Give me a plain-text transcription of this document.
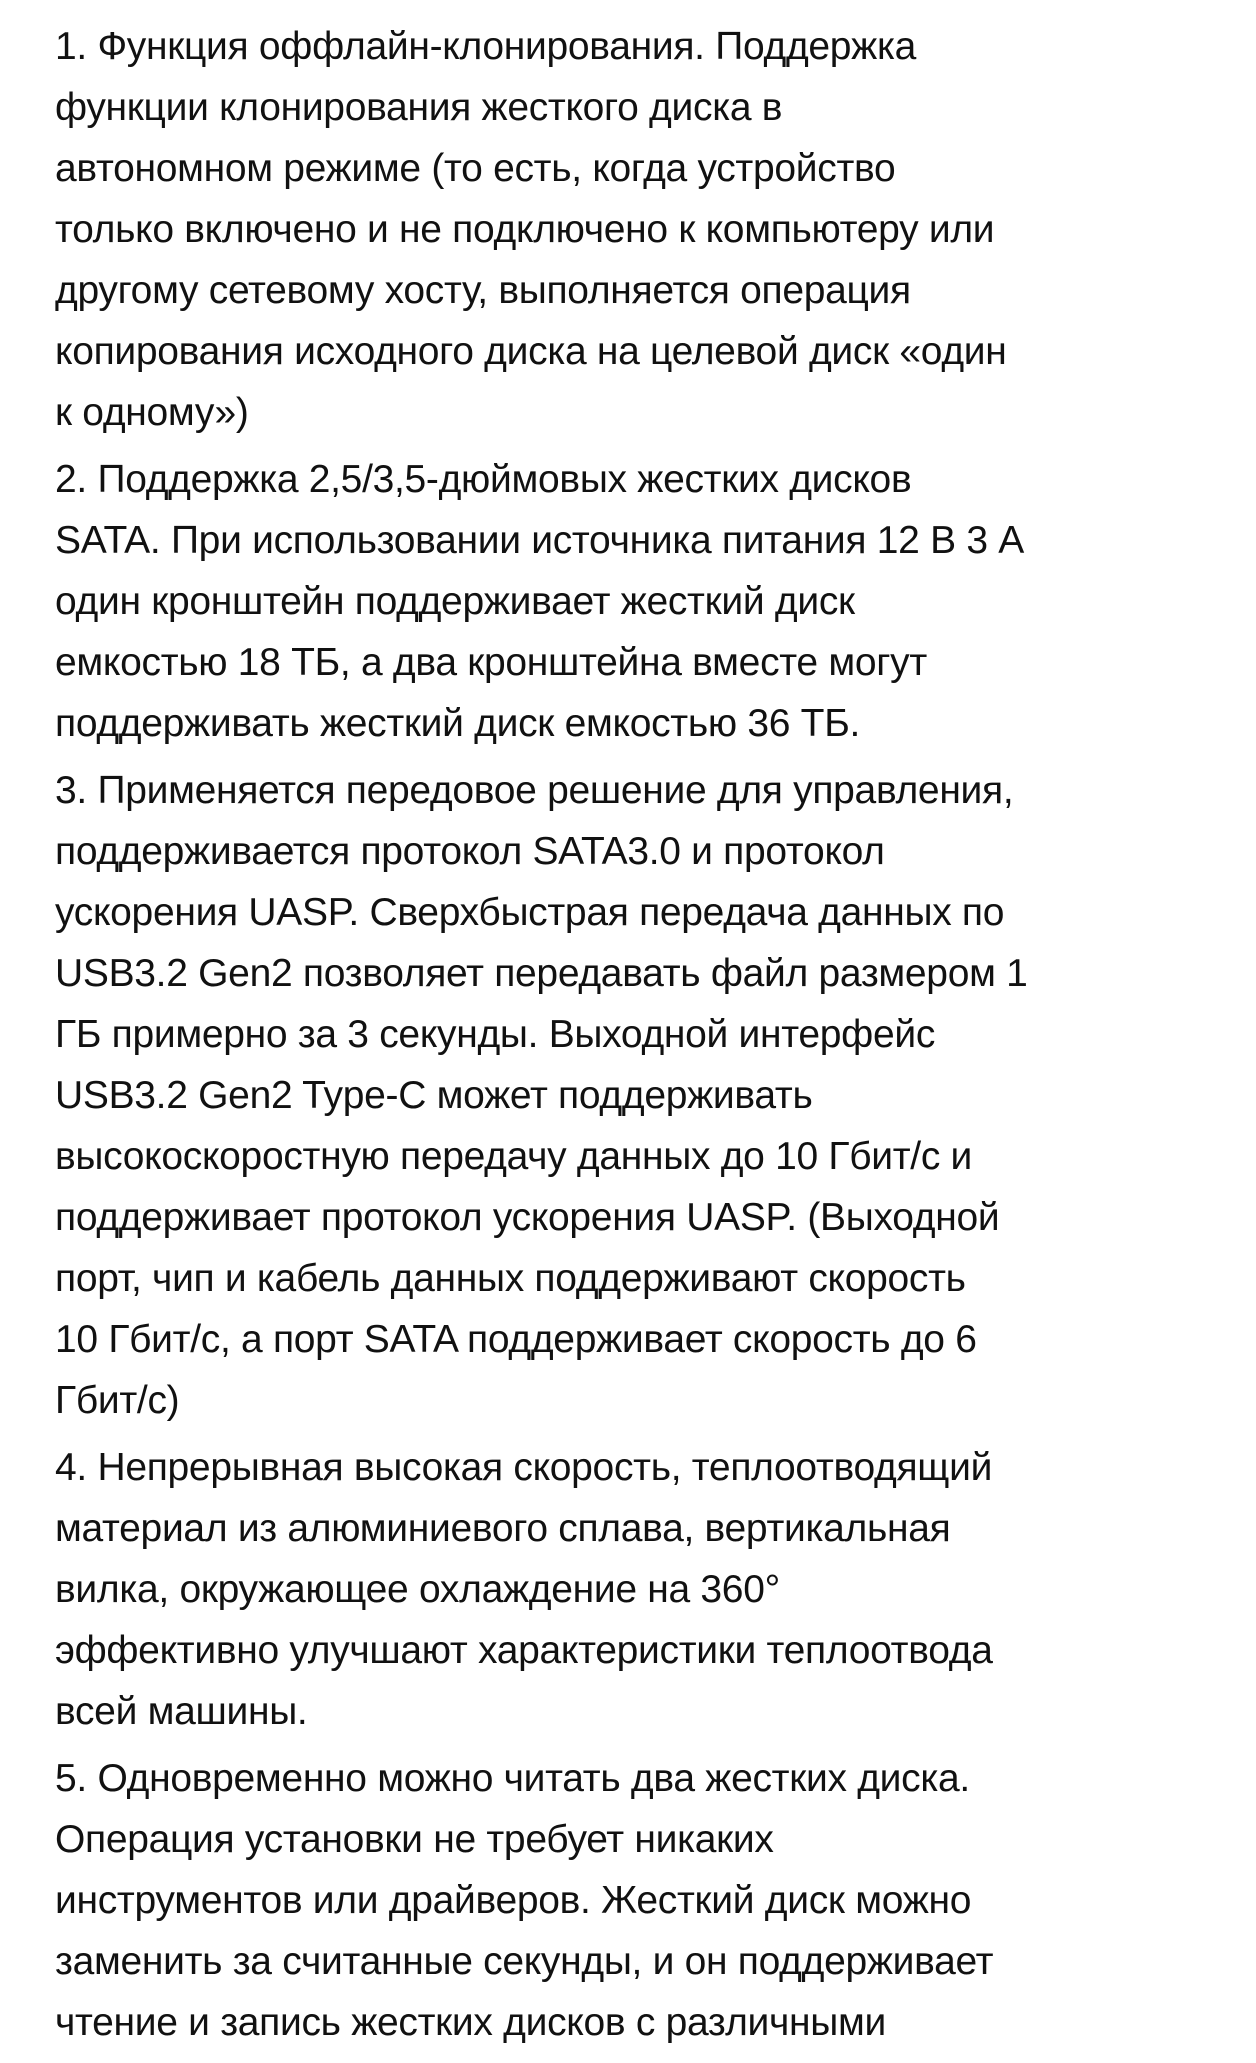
1. Функция оффлайн-клонирования. Поддержка
функции клонирования жесткого диска в
автономном режиме (то есть, когда устройство
только включено и не подключено к компьютеру или
другому сетевому хосту, выполняется операция
копирования исходного диска на целевой диск «один
к одному»)

2. Поддержка 2,5/3,5-дюймовых жестких дисков
SATA. При использовании источника питания 12 В 3 А
один кронштейн поддерживает жесткий диск
емкостью 18 ТБ, а два кронштейна вместе могут
поддерживать жесткий диск емкостью 36 ТБ.

3. Применяется передовое решение для управления,
поддерживается протокол SATA3.0 и протокол
ускорения UASP. Сверхбыстрая передача данных по
USB3.2 Gen2 позволяет передавать файл размером 1
ГБ примерно за 3 секунды. Выходной интерфейс
USB3.2 Gen2 Type-C может поддерживать
высокоскоростную передачу данных до 10 Гбит/с и
поддерживает протокол ускорения UASP. (Выходной
порт, чип и кабель данных поддерживают скорость
10 Гбит/с, а порт SATA поддерживает скорость до 6
Гбит/с)

4. Непрерывная высокая скорость, теплоотводящий
материал из алюминиевого сплава, вертикальная
вилка, окружающее охлаждение на 360°
эффективно улучшают характеристики теплоотвода
всей машины.

5. Одновременно можно читать два жестких диска.
Операция установки не требует никаких
инструментов или драйверов. Жесткий диск можно
заменить за считанные секунды, и он поддерживает
чтение и запись жестких дисков с различными
